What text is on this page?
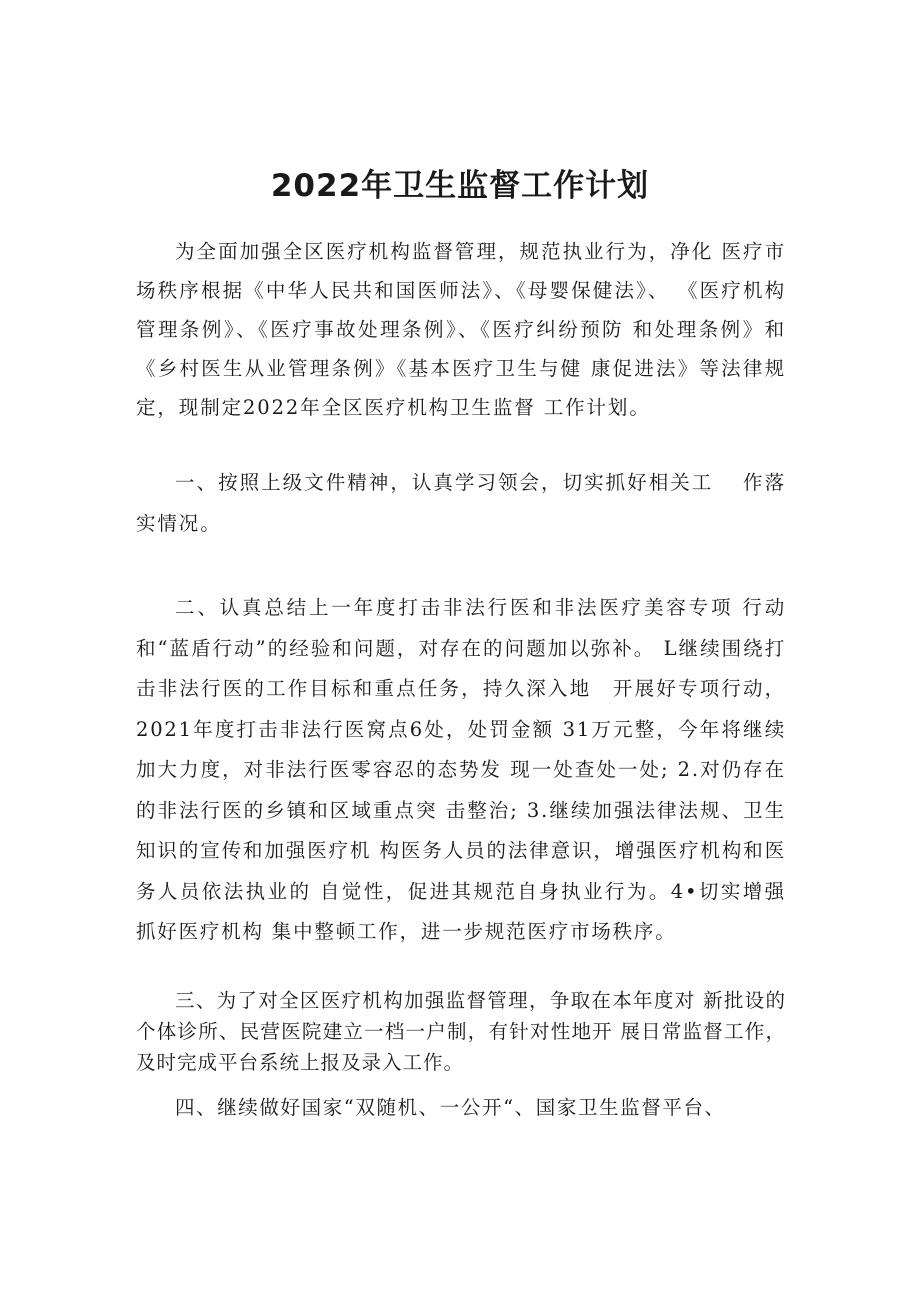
2022年卫生监督工作计划

为全面加强全区医疗机构监督管理，规范执业行为，净化 医疗市场秩序根据《中华人民共和国医师法》、《母婴保健法》、 《医疗机构管理条例》、《医疗事故处理条例》、《医疗纠纷预防 和处理条例》和《乡村医生从业管理条例》《基本医疗卫生与健 康促进法》等法律规定，现制定2022年全区医疗机构卫生监督 工作计划。

一、按照上级文件精神，认真学习领会，切实抓好相关工　 作落实情况。

二、认真总结上一年度打击非法行医和非法医疗美容专项 行动和“蓝盾行动”的经验和问题，对存在的问题加以弥补。 L继续围绕打击非法行医的工作目标和重点任务，持久深入地　开展好专项行动，2021年度打击非法行医窝点6处，处罚金额 31万元整，今年将继续加大力度，对非法行医零容忍的态势发 现一处查处一处; 2.对仍存在的非法行医的乡镇和区域重点突 击整治; 3.继续加强法律法规、卫生知识的宣传和加强医疗机 构医务人员的法律意识，增强医疗机构和医务人员依法执业的 自觉性，促进其规范自身执业行为。4•切实增强抓好医疗机构 集中整顿工作，进一步规范医疗市场秩序。

三、为了对全区医疗机构加强监督管理，争取在本年度对 新批设的个体诊所、民营医院建立一档一户制，有针对性地开 展日常监督工作，及时完成平台系统上报及录入工作。

四、继续做好国家“双随机、一公开“、国家卫生监督平台、
